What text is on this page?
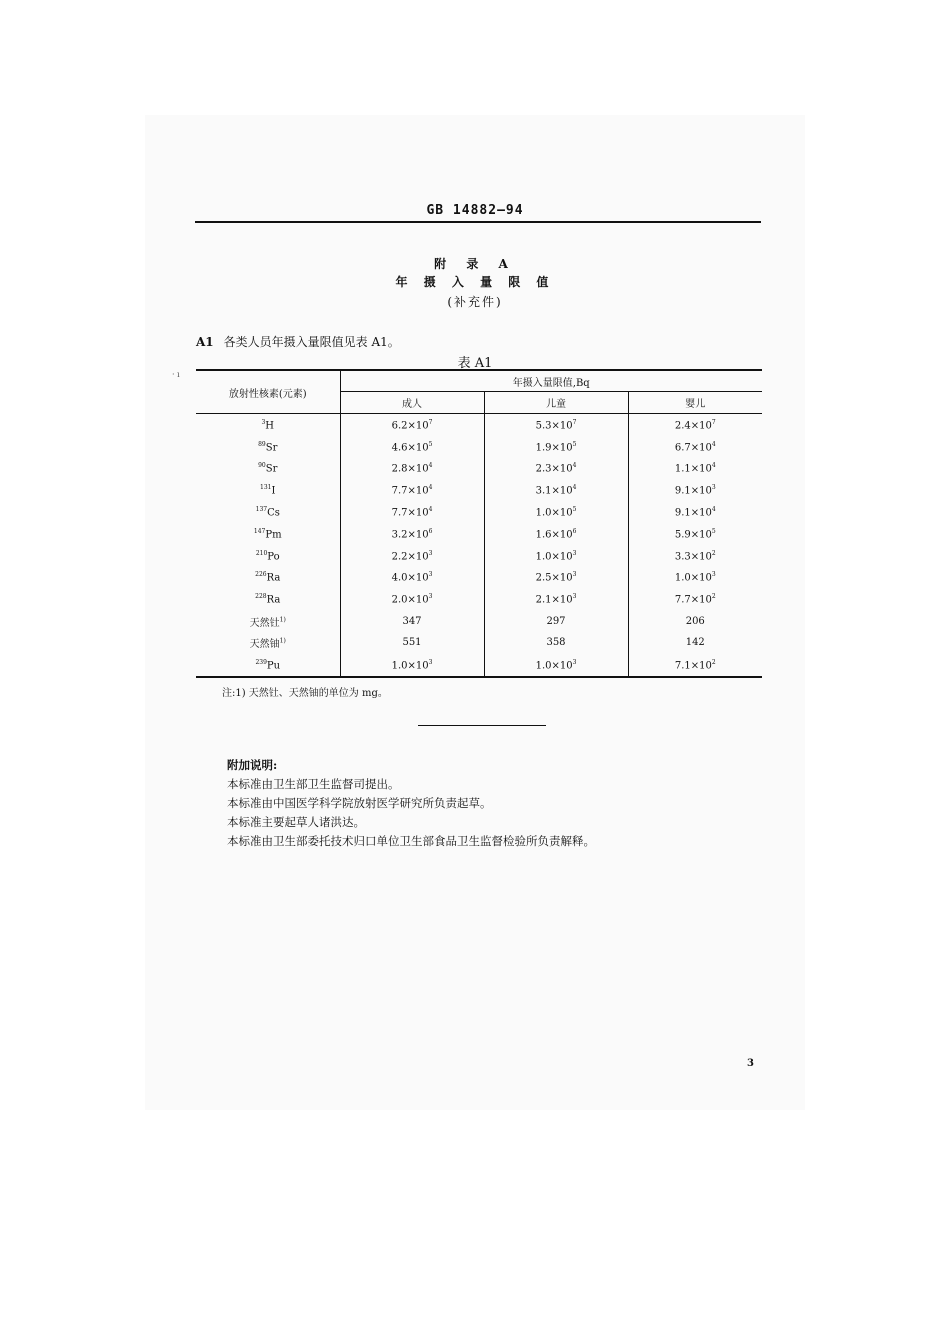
GB 14882—94
附 录 A
年 摄 入 量 限 值
(补充件)
A1 各类人员年摄入量限值见表 A1。
表 A1
· ı
放射性核素(元素)	年摄入量限值,Bq		
	成人	儿童	婴儿
$^3$H	$6.2\times 10^7$	$5.3\times 10^7$	$2.4\times 10^7$
$^{89}$Sr	$4.6\times 10^5$	$1.9\times 10^5$	$6.7\times 10^4$
$^{90}$Sr	$2.8\times 10^4$	$2.3\times 10^4$	$1.1\times 10^4$
$^{131}$I	$7.7\times 10^4$	$3.1\times 10^4$	$9.1\times 10^3$
$^{137}$Cs	$7.7\times 10^4$	$1.0\times 10^5$	$9.1\times 10^4$
$^{147}$Pm	$3.2\times 10^6$	$1.6\times 10^6$	$5.9\times 10^5$
$^{210}$Po	$2.2\times 10^3$	$1.0\times 10^3$	$3.3\times 10^2$
$^{226}$Ra	$4.0\times 10^3$	$2.5\times 10^3$	$1.0\times 10^3$
$^{228}$Ra	$2.0\times 10^3$	$2.1\times 10^3$	$7.7\times 10^2$
天然钍$^{1)}$	347	297	206
天然铀$^{1)}$	551	358	142
$^{239}$Pu	$1.0\times 10^3$	$1.0\times 10^3$	$7.1\times 10^2$
注:1) 天然钍、天然铀的单位为 mg。
附加说明:
本标准由卫生部卫生监督司提出。
本标准由中国医学科学院放射医学研究所负责起草。
本标准主要起草人诸洪达。
本标准由卫生部委托技术归口单位卫生部食品卫生监督检验所负责解释。
3
